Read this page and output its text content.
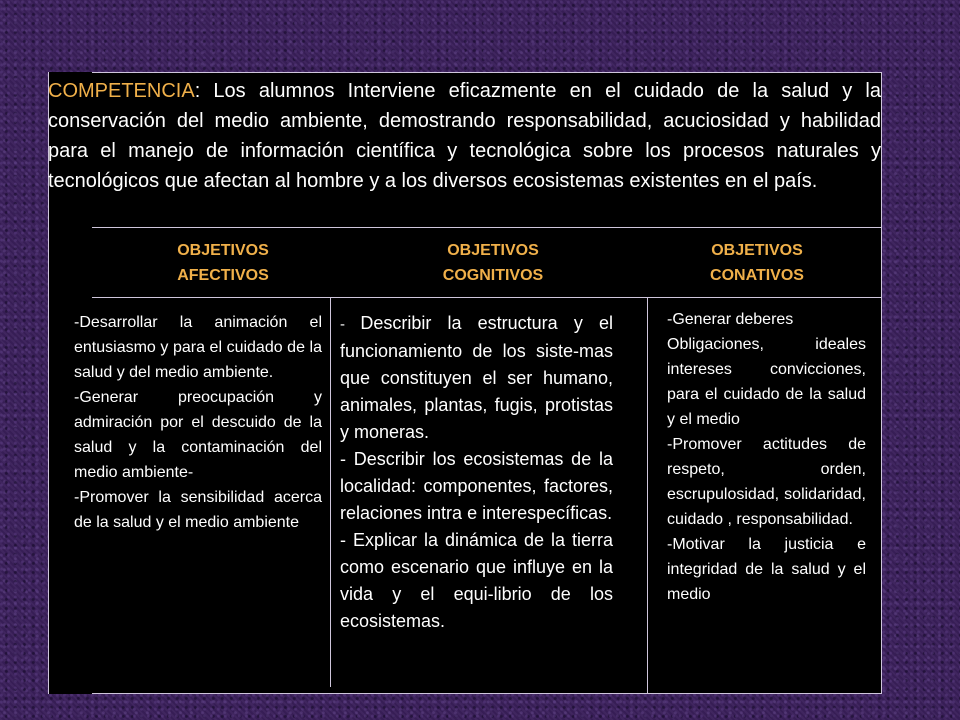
COMPETENCIA: Los alumnos Interviene eficazmente en el cuidado de la salud y la conservación del medio ambiente, demostrando responsabilidad, acuciosidad y habilidad para el manejo de información científica y tecnológica sobre los procesos naturales y tecnológicos que afectan al hombre y a los diversos ecosistemas existentes en el país.

OBJETIVOS
AFECTIVOS
OBJETIVOS
COGNITIVOS
OBJETIVOS
CONATIVOS

-Desarrollar la animación el entusiasmo y para el cuidado de la salud y del medio ambiente.

-Generar preocupación y admiración por el descuido de la salud y la contaminación del medio ambiente-

-Promover la sensibilidad acerca de la salud y el medio ambiente

- Describir la estructura y el funcionamiento de los siste-mas que constituyen el ser humano, animales, plantas, fugis, protistas y moneras.

- Describir los ecosistemas de la localidad: componentes, factores, relaciones intra e interespecíficas.

- Explicar la dinámica de la tierra como escenario que influye en la vida y el equi-librio de los ecosistemas.

-Generar deberes

Obligaciones, ideales intereses convicciones, para el cuidado de la salud y el medio

-Promover actitudes de respeto, orden, escrupulosidad, solidaridad, cuidado , responsabilidad.

-Motivar la justicia e integridad de la salud y el medio
